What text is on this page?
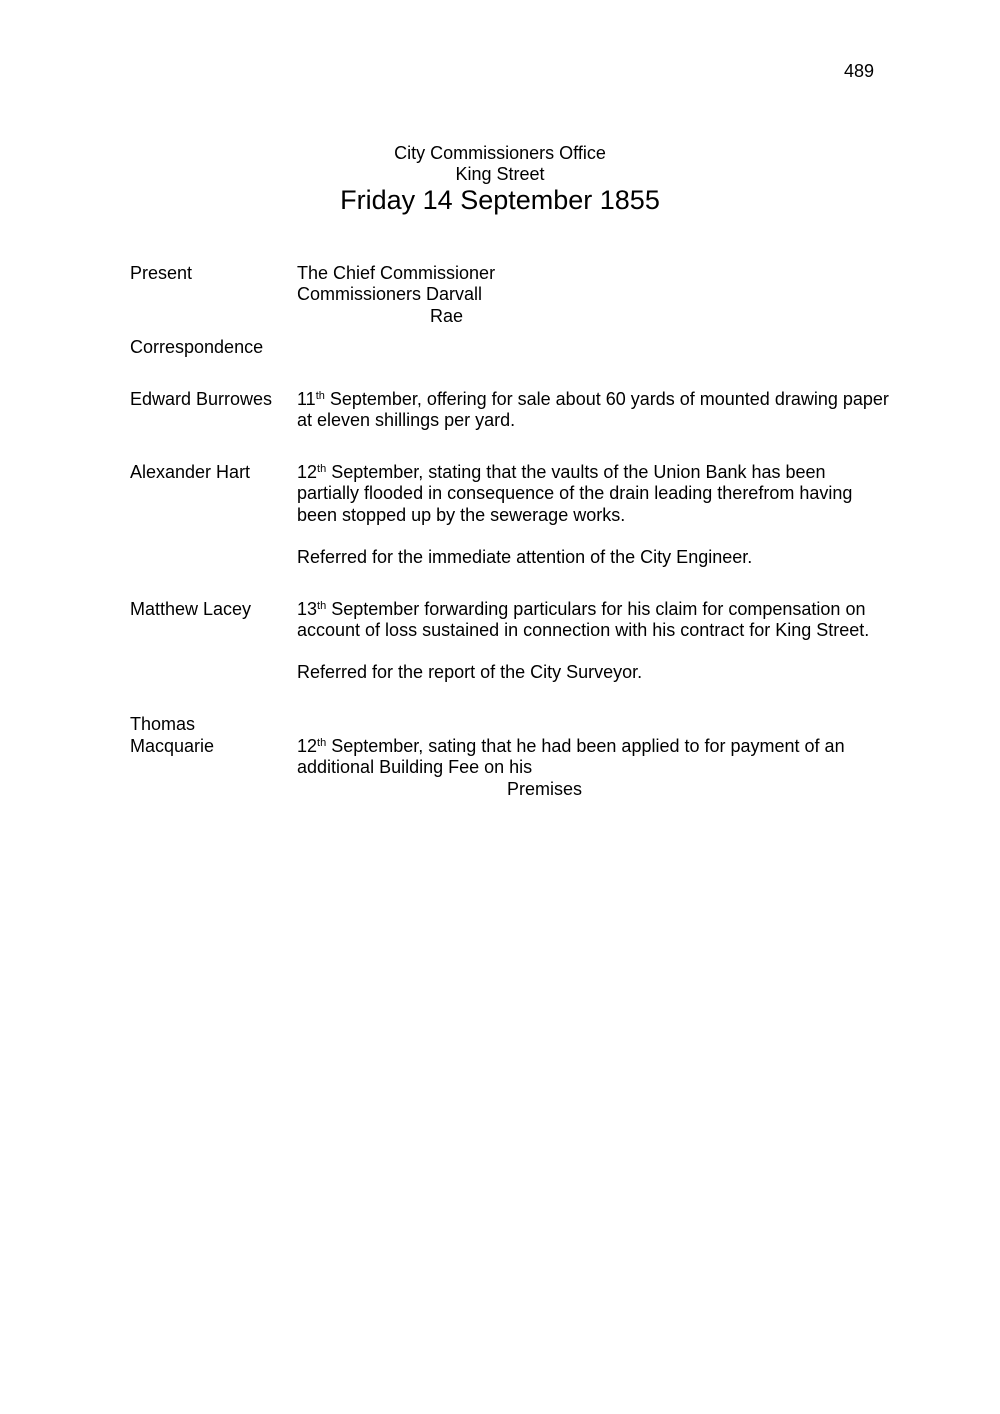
489
City Commissioners Office
King Street
Friday 14 September 1855
Present	The Chief Commissioner
Commissioners Darvall
Rae
Correspondence
Edward Burrowes 11th September, offering for sale about 60 yards of mounted drawing paper
at eleven shillings per yard.
Alexander Hart	12th September, stating that the vaults of the Union Bank has been
partially flooded in consequence of the drain leading therefrom having
been stopped up by the sewerage works.
Referred for the immediate attention of the City Engineer.
Matthew Lacey	13th September forwarding particulars for his claim for compensation on
account of loss sustained in connection with his contract for King Street.
Referred for the report of the City Surveyor.
Thomas
Macquarie	12th September, sating that he had been applied to for payment of an
additional Building Fee on his
Premises
